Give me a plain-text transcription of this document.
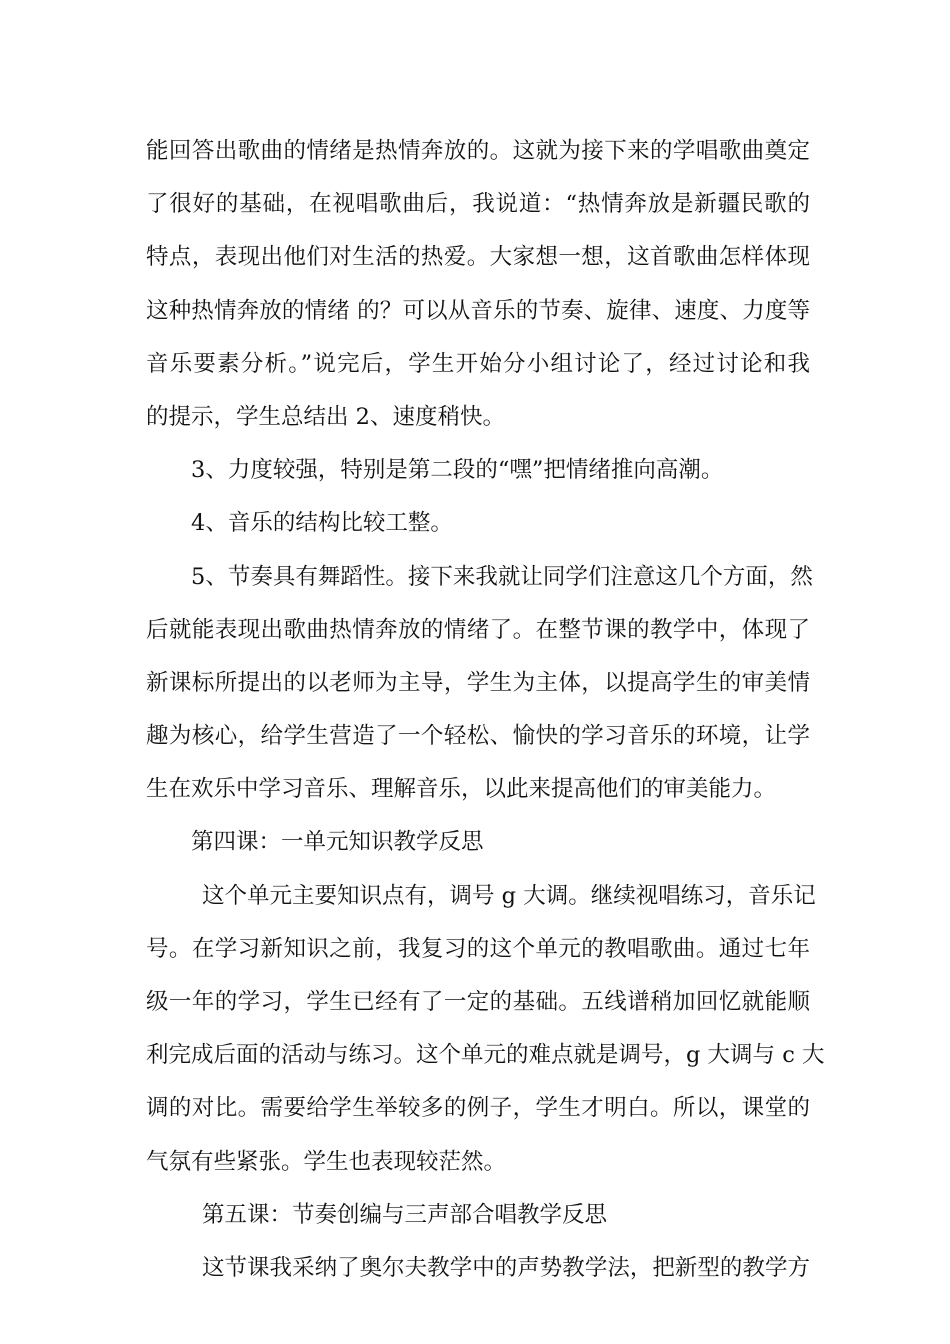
能回答出歌曲的情绪是热情奔放的。这就为接下来的学唱歌曲奠定
了很好的基础，在视唱歌曲后，我说道：“热情奔放是新疆民歌的
特点，表现出他们对生活的热爱。大家想一想，这首歌曲怎样体现
这种热情奔放的情绪 的？可以从音乐的节奏、旋律、速度、力度等
音乐要素分析。”说完后，学生开始分小组讨论了，经过讨论和我
的提示，学生总结出 2、速度稍快。
3、力度较强，特别是第二段的“嘿”把情绪推向高潮。
4、音乐的结构比较工整。
5、节奏具有舞蹈性。接下来我就让同学们注意这几个方面，然
后就能表现出歌曲热情奔放的情绪了。在整节课的教学中，体现了
新课标所提出的以老师为主导，学生为主体，以提高学生的审美情
趣为核心，给学生营造了一个轻松、愉快的学习音乐的环境，让学
生在欢乐中学习音乐、理解音乐，以此来提高他们的审美能力。
第四课：一单元知识教学反思
这个单元主要知识点有，调号 g 大调。继续视唱练习，音乐记
号。在学习新知识之前，我复习的这个单元的教唱歌曲。通过七年
级一年的学习，学生已经有了一定的基础。五线谱稍加回忆就能顺
利完成后面的活动与练习。这个单元的难点就是调号，g 大调与 c 大
调的对比。需要给学生举较多的例子，学生才明白。所以，课堂的
气氛有些紧张。学生也表现较茫然。
第五课：节奏创编与三声部合唱教学反思
这节课我采纳了奥尔夫教学中的声势教学法，把新型的教学方
